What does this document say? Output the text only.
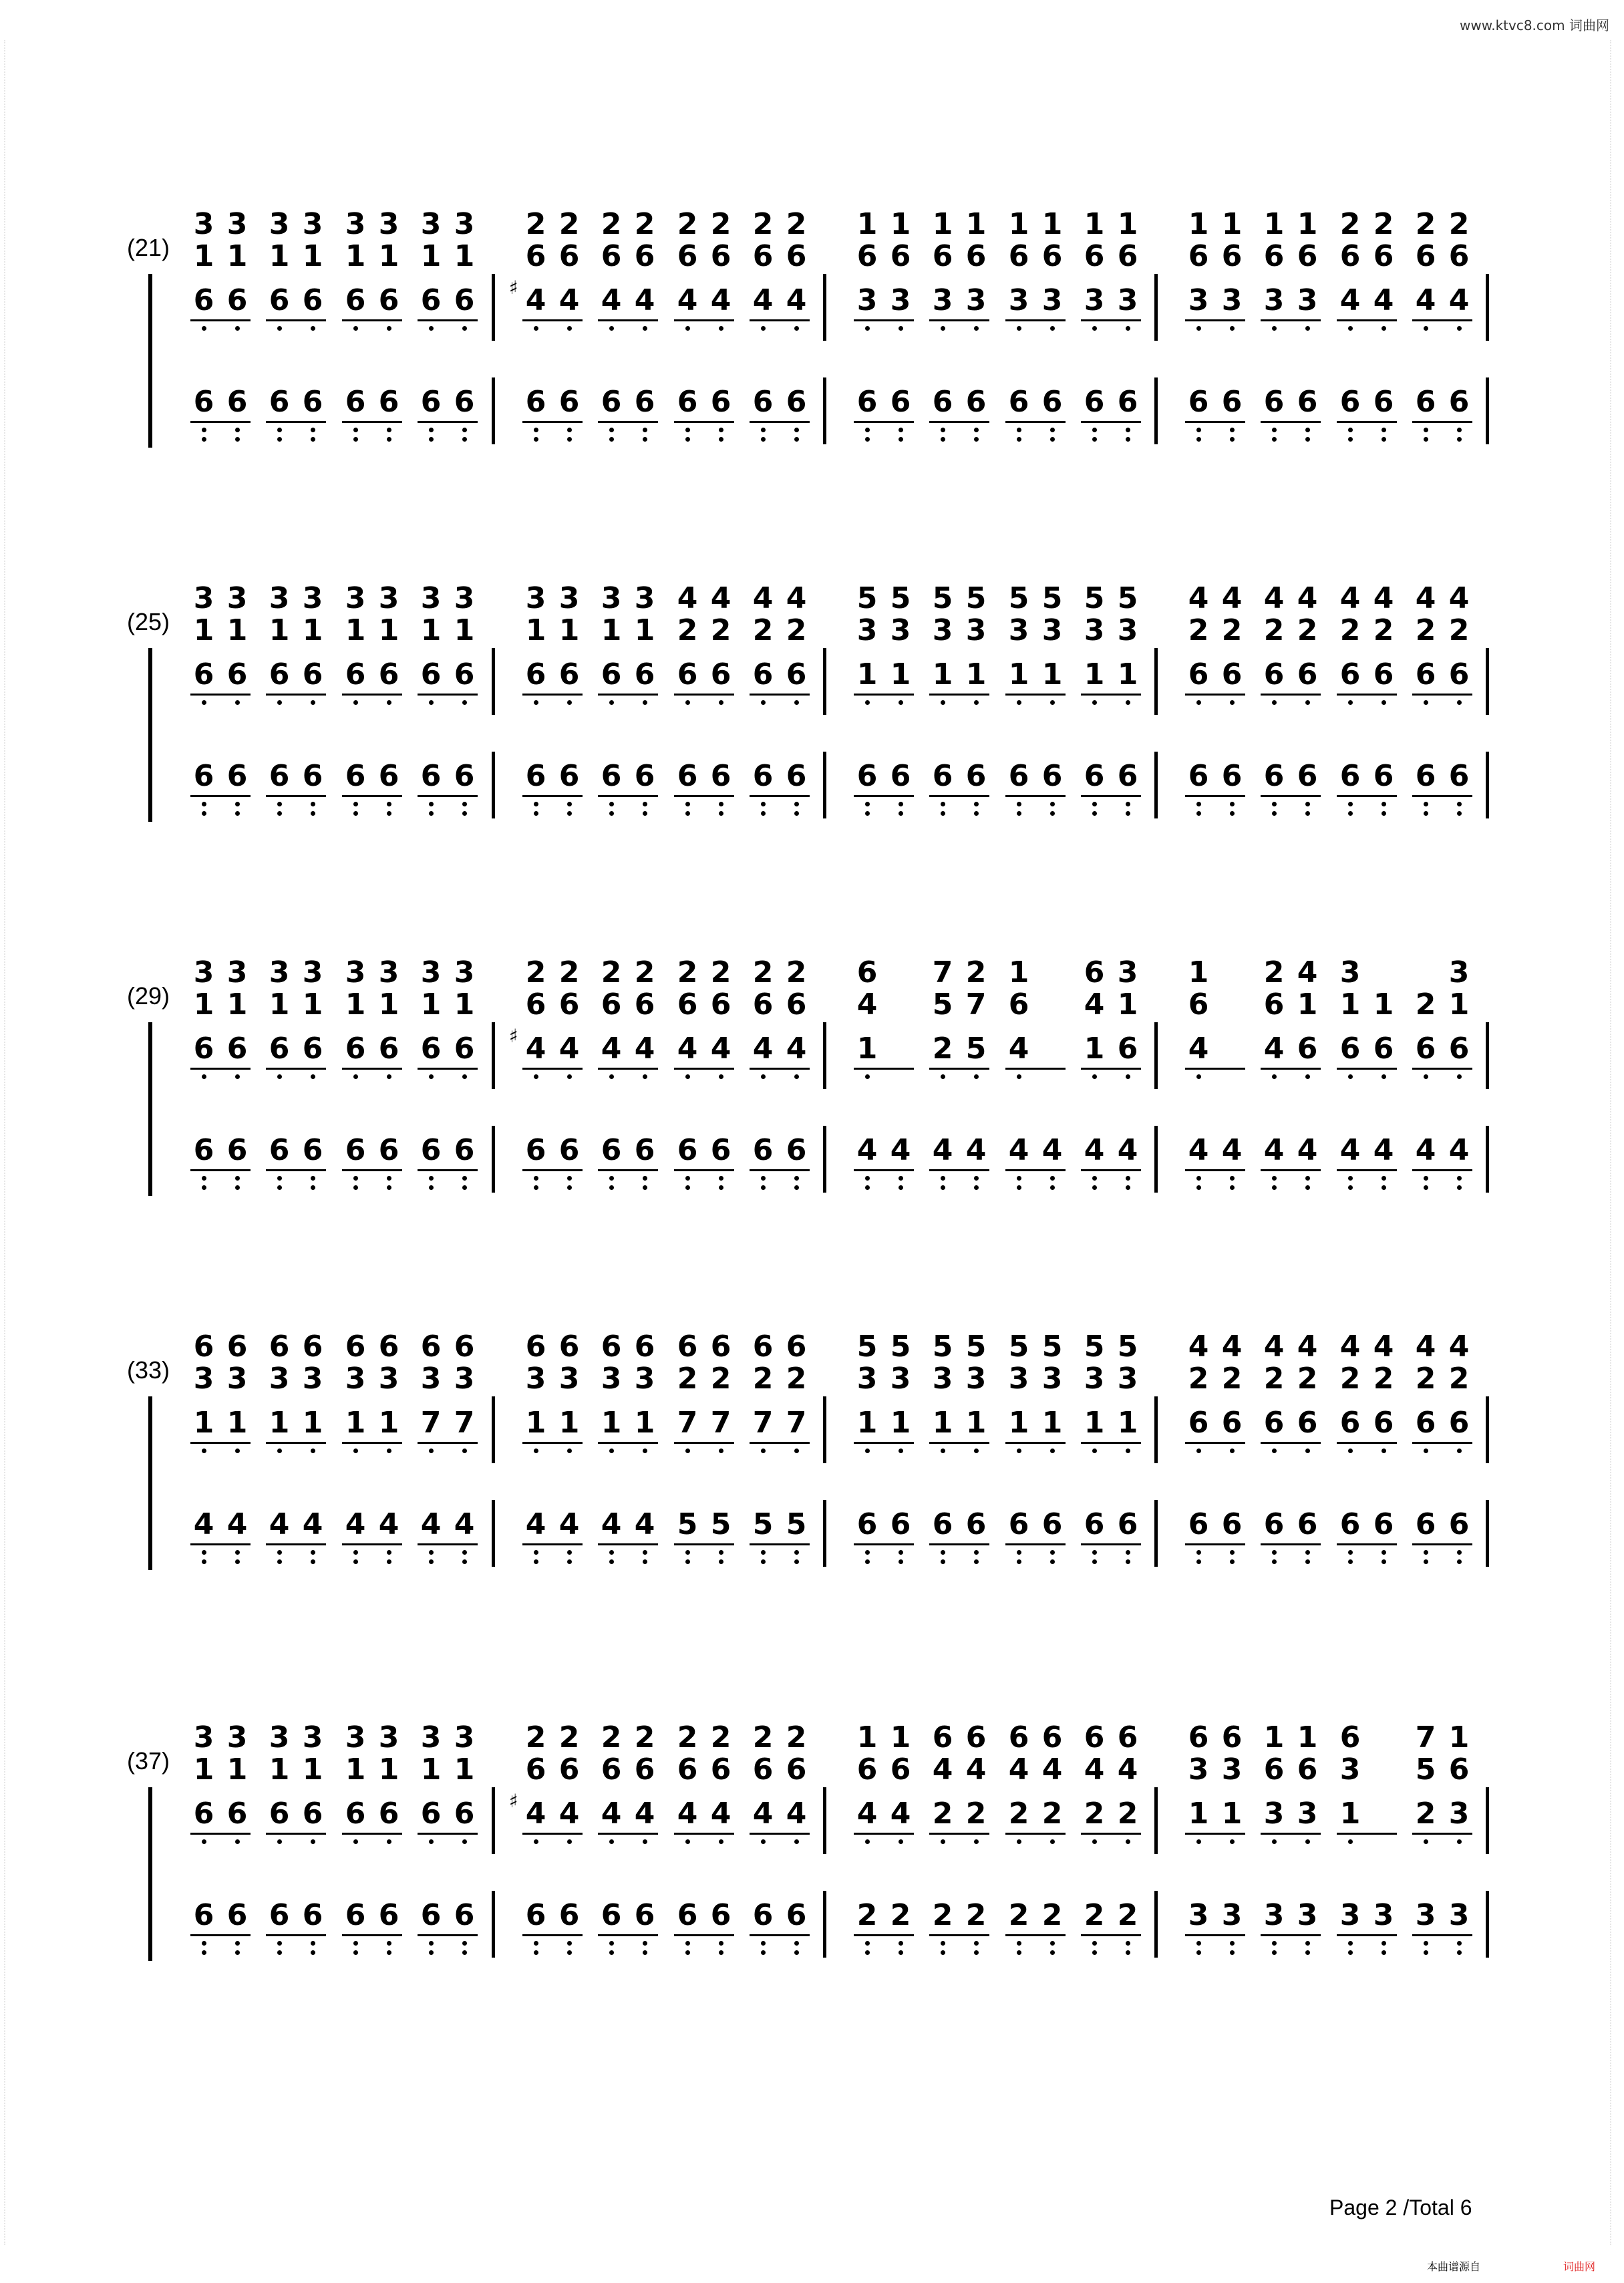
www.ktvc8.com 词曲网
(21)
3 3 3 3 3 3 3 3
1 1 1 1 1 1 1 1
6 6 6 6 6 6 6 6
6 6 6 6 6 6 6 6
♯
2 2 2 2 2 2 2 2
6 6 6 6 6 6 6 6
4 4 4 4 4 4 4 4
6 6 6 6 6 6 6 6
1 1 1 1 1 1 1 1
6 6 6 6 6 6 6 6
3 3 3 3 3 3 3 3
6 6 6 6 6 6 6 6
1 1 1 1 2 2 2 2
6 6 6 6 6 6 6 6
3 3 3 3 4 4 4 4
6 6 6 6 6 6 6 6
(25)
3 3 3 3 3 3 3 3
1 1 1 1 1 1 1 1
6 6 6 6 6 6 6 6
6 6 6 6 6 6 6 6
3 3 3 3 4 4 4 4
1 1 1 1 2 2 2 2
6 6 6 6 6 6 6 6
6 6 6 6 6 6 6 6
5 5 5 5 5 5 5 5
3 3 3 3 3 3 3 3
1 1 1 1 1 1 1 1
6 6 6 6 6 6 6 6
4 4 4 4 4 4 4 4
2 2 2 2 2 2 2 2
6 6 6 6 6 6 6 6
6 6 6 6 6 6 6 6
(29)
3 3 3 3 3 3 3 3
1 1 1 1 1 1 1 1
6 6 6 6 6 6 6 6
6 6 6 6 6 6 6 6
♯
2 2 2 2 2 2 2 2
6 6 6 6 6 6 6 6
4 4 4 4 4 4 4 4
6 6 6 6 6 6 6 6
6 7 2 1 6 3
4 5 7 6 4 1
1 2 5 4 1 6
4 4 4 4 4 4 4 4
1 2 4 3	3
6 6 1 1 1 2 1
4 4 6 6 6 6 6
4 4 4 4 4 4 4 4
(33)
6 6 6 6 6 6 6 6
3 3 3 3 3 3 3 3
1 1 1 1 1 1 7 7
4 4 4 4 4 4 4 4
6 6 6 6 6 6 6 6
3 3 3 3 2 2 2 2
1 1 1 1 7 7 7 7
4 4 4 4 5 5 5 5
5 5 5 5 5 5 5 5
3 3 3 3 3 3 3 3
1 1 1 1 1 1 1 1
6 6 6 6 6 6 6 6
4 4 4 4 4 4 4 4
2 2 2 2 2 2 2 2
6 6 6 6 6 6 6 6
6 6 6 6 6 6 6 6
(37)
3 3 3 3 3 3 3 3
1 1 1 1 1 1 1 1
6 6 6 6 6 6 6 6
6 6 6 6 6 6 6 6
♯
2 2 2 2 2 2 2 2
6 6 6 6 6 6 6 6
4 4 4 4 4 4 4 4
6 6 6 6 6 6 6 6
1 1 6 6 6 6 6 6
6 6 4 4 4 4 4 4
4 4 2 2 2 2 2 2
2 2 2 2 2 2 2 2
6 6 1 1 6 7 1
3 3 6 6 3 5 6
1 1 3 3 1 2 3
3 3 3 3 3 3 3 3
Page 2 /Total 6
本曲谱源自	词曲网
